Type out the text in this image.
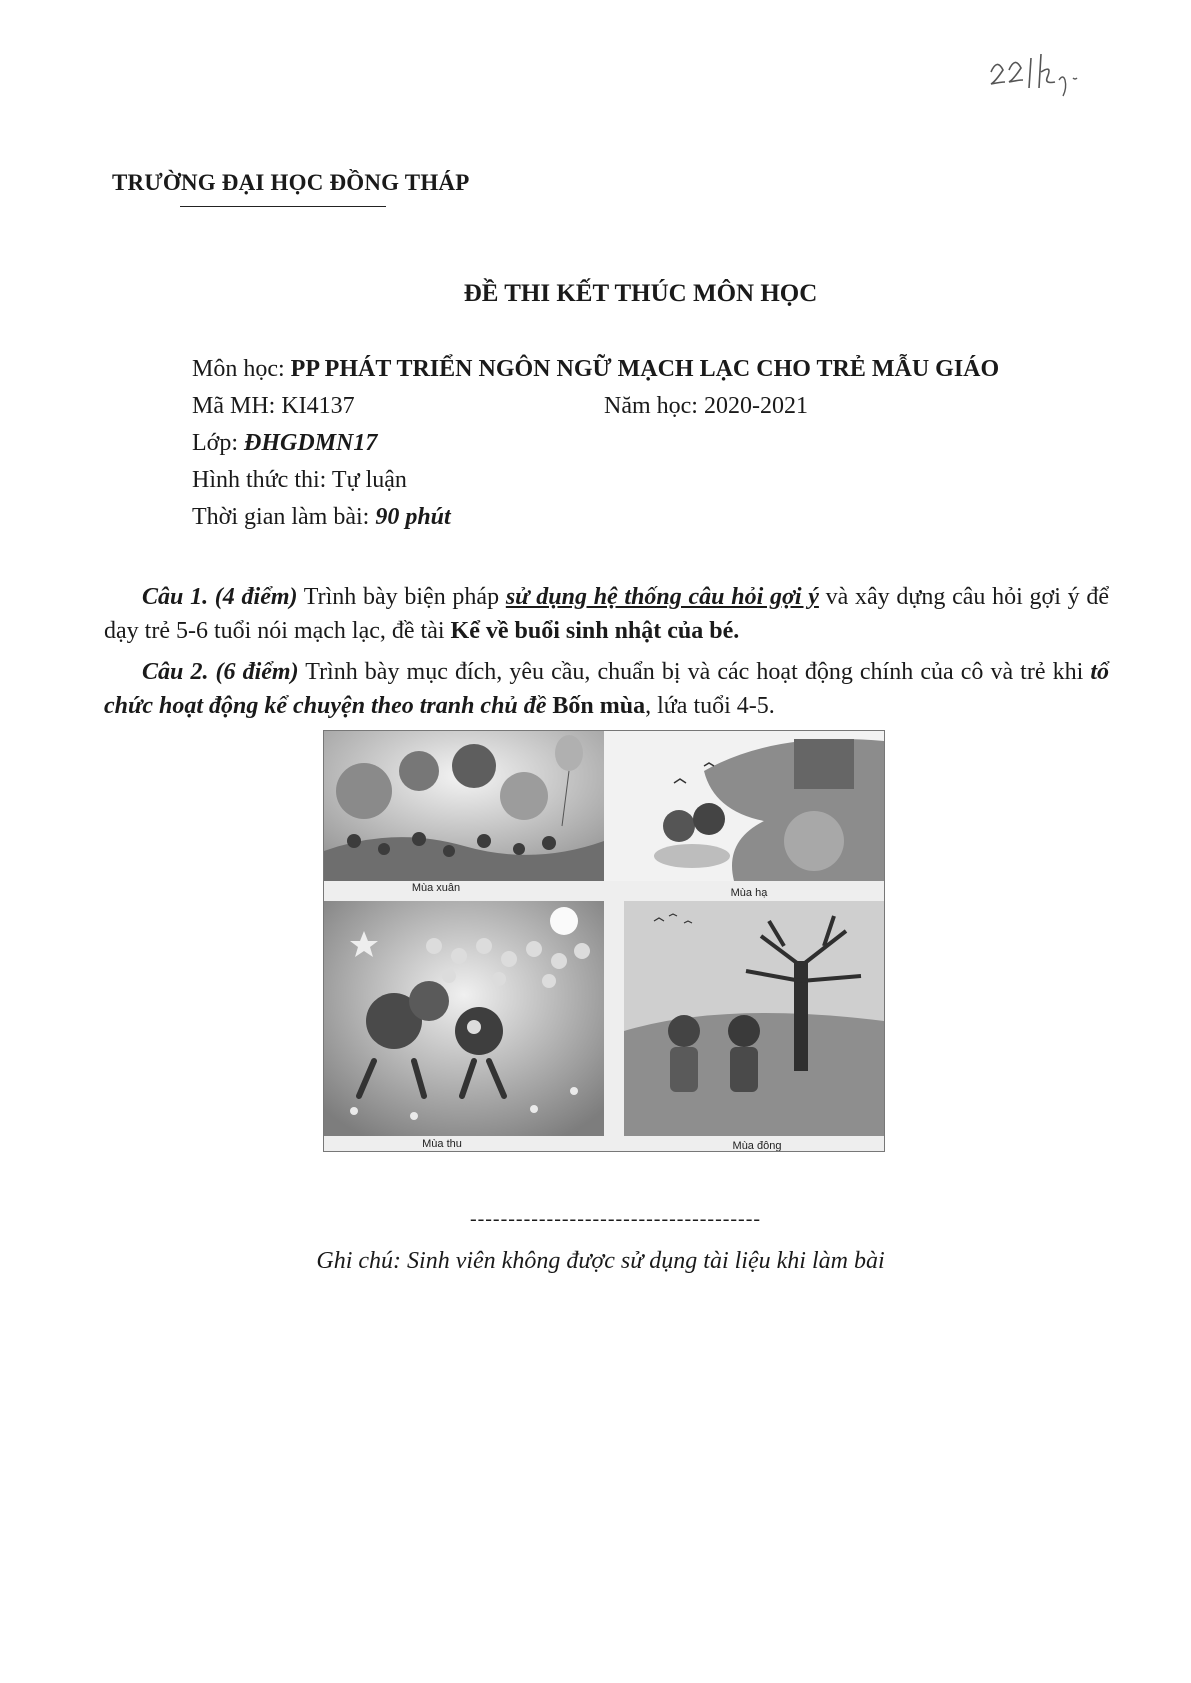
TRƯỜNG ĐẠI HỌC ĐỒNG THÁP
ĐỀ THI KẾT THÚC MÔN HỌC
Môn học: PP PHÁT TRIỂN NGÔN NGỮ MẠCH LẠC CHO TRẺ MẪU GIÁO
Mã MH: KI4137	Năm học: 2020-2021
Lớp: ĐHGDMN17
Hình thức thi: Tự luận
Thời gian làm bài: 90 phút
Câu 1. (4 điểm) Trình bày biện pháp sử dụng hệ thống câu hỏi gợi ý và xây dựng câu hỏi gợi ý để dạy trẻ 5-6 tuổi nói mạch lạc, đề tài Kể về buổi sinh nhật của bé.
Câu 2. (6 điểm) Trình bày mục đích, yêu cầu, chuẩn bị và các hoạt động chính của cô và trẻ khi tổ chức hoạt động kể chuyện theo tranh chủ đề Bốn mùa, lứa tuổi 4-5.
Mùa xuân	Mùa hạ
Mùa thu	Mùa đông
--------------------------------------
Ghi chú: Sinh viên không được sử dụng tài liệu khi làm bài
